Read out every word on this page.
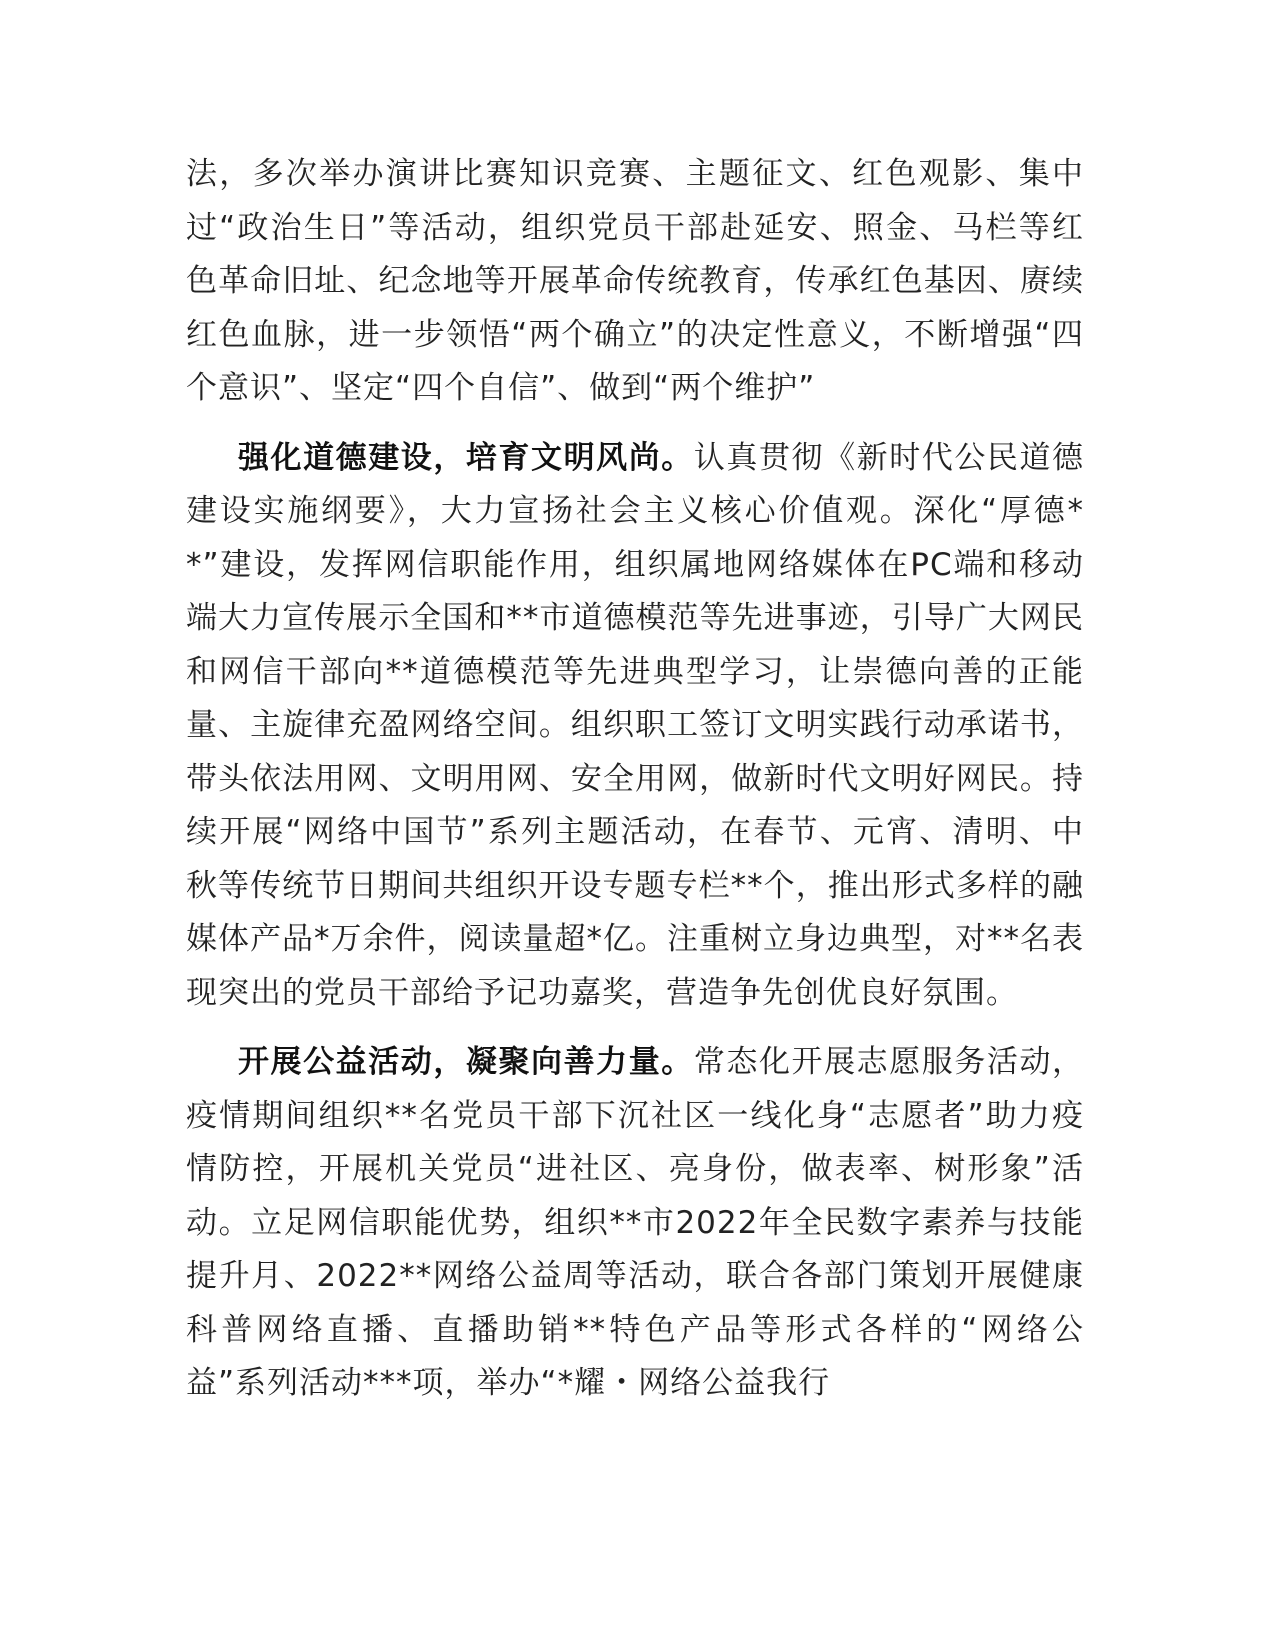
法，多次举办演讲比赛知识竞赛、主题征文、红色观影、集中过“政治生日”等活动，组织党员干部赴延安、照金、马栏等红色革命旧址、纪念地等开展革命传统教育，传承红色基因、赓续红色血脉，进一步领悟“两个确立”的决定性意义，不断增强“四个意识”、坚定“四个自信”、做到“两个维护”

强化道德建设，培育文明风尚。认真贯彻《新时代公民道德建设实施纲要》，大力宣扬社会主义核心价值观。深化“厚德**”建设，发挥网信职能作用，组织属地网络媒体在PC端和移动端大力宣传展示全国和**市道德模范等先进事迹，引导广大网民和网信干部向**道德模范等先进典型学习，让崇德向善的正能量、主旋律充盈网络空间。组织职工签订文明实践行动承诺书，带头依法用网、文明用网、安全用网，做新时代文明好网民。持续开展“网络中国节”系列主题活动，在春节、元宵、清明、中秋等传统节日期间共组织开设专题专栏**个，推出形式多样的融媒体产品*万余件，阅读量超*亿。注重树立身边典型，对**名表现突出的党员干部给予记功嘉奖，营造争先创优良好氛围。

开展公益活动，凝聚向善力量。常态化开展志愿服务活动，疫情期间组织**名党员干部下沉社区一线化身“志愿者”助力疫情防控，开展机关党员“进社区、亮身份，做表率、树形象”活动。立足网信职能优势，组织**市2022年全民数字素养与技能提升月、2022**网络公益周等活动，联合各部门策划开展健康科普网络直播、直播助销**特色产品等形式各样的“网络公益”系列活动***项，举办“*耀・网络公益我行
